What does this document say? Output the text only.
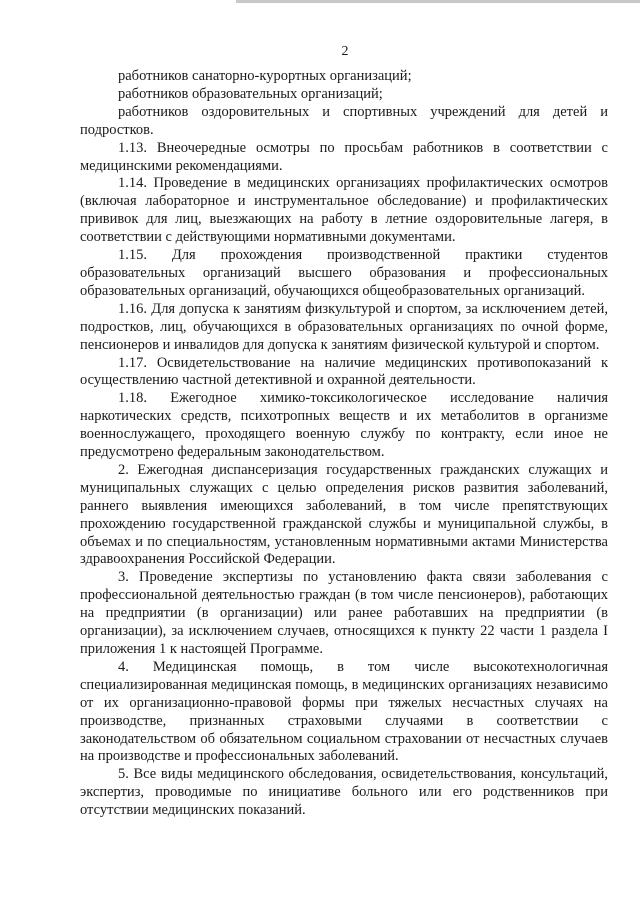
2

работников санаторно-курортных организаций;

работников образовательных организаций;

работников оздоровительных и спортивных учреждений для детей и подростков.

1.13. Внеочередные осмотры по просьбам работников в соответствии с медицинскими рекомендациями.

1.14. Проведение в медицинских организациях профилактических осмотров (включая лабораторное и инструментальное обследование) и профилактических прививок для лиц, выезжающих на работу в летние оздоровительные лагеря, в соответствии с действующими нормативными документами.

1.15. Для прохождения производственной практики студентов образовательных организаций высшего образования и профессиональных образовательных организаций, обучающихся общеобразовательных организаций.

1.16. Для допуска к занятиям физкультурой и спортом, за исключением детей, подростков, лиц, обучающихся в образовательных организациях по очной форме, пенсионеров и инвалидов для допуска к занятиям физической культурой и спортом.

1.17. Освидетельствование на наличие медицинских противопоказаний к осуществлению частной детективной и охранной деятельности.

1.18. Ежегодное химико-токсикологическое исследование наличия наркотических средств, психотропных веществ и их метаболитов в организме военнослужащего, проходящего военную службу по контракту, если иное не предусмотрено федеральным законодательством.

2. Ежегодная диспансеризация государственных гражданских служащих и муниципальных служащих с целью определения рисков развития заболеваний, раннего выявления имеющихся заболеваний, в том числе препятствующих прохождению государственной гражданской службы и муниципальной службы, в объемах и по специальностям, установленным нормативными актами Министерства здравоохранения Российской Федерации.

3. Проведение экспертизы по установлению факта связи заболевания с профессиональной деятельностью граждан (в том числе пенсионеров), работающих на предприятии (в организации) или ранее работавших на предприятии (в организации), за исключением случаев, относящихся к пункту 22 части 1 раздела I приложения 1 к настоящей Программе.

4. Медицинская помощь, в том числе высокотехнологичная специализированная медицинская помощь, в медицинских организациях независимо от их организационно-правовой формы при тяжелых несчастных случаях на производстве, признанных страховыми случаями в соответствии с законодательством об обязательном социальном страховании от несчастных случаев на производстве и профессиональных заболеваний.

5. Все виды медицинского обследования, освидетельствования, консультаций, экспертиз, проводимые по инициативе больного или его родственников при отсутствии медицинских показаний.
